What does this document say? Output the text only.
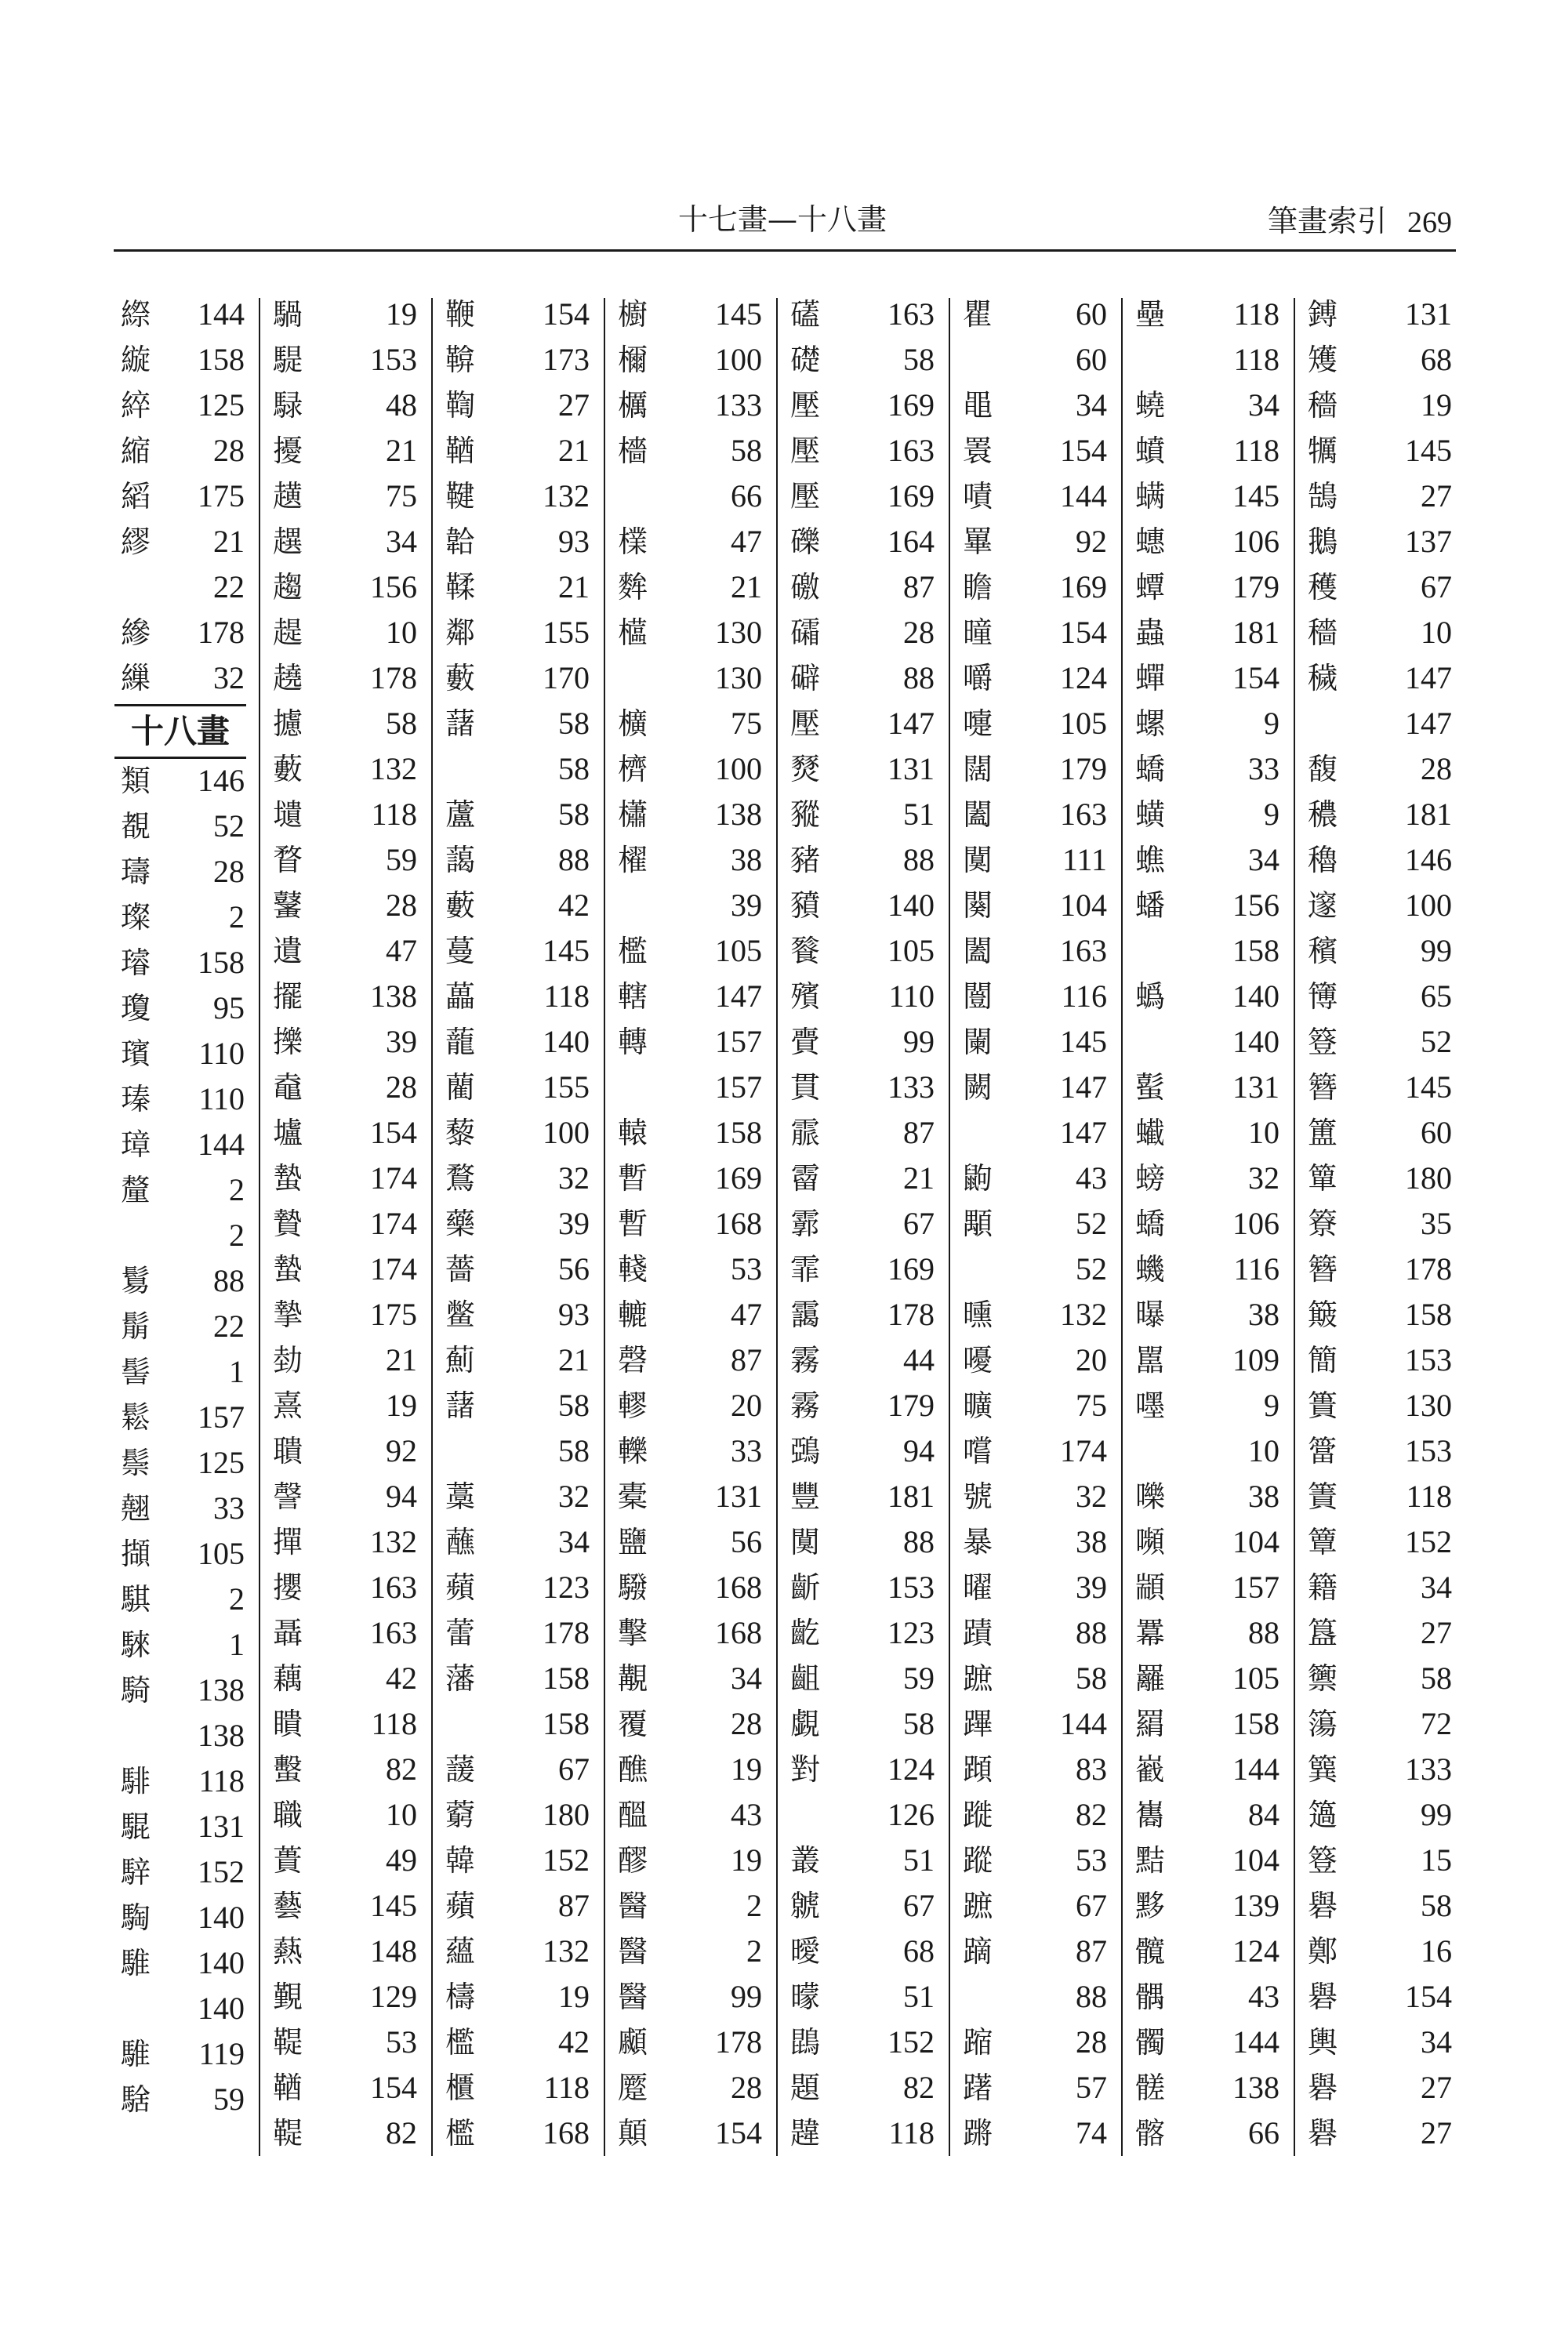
十七畫—十八畫	筆畫索引 269
縩	144
縼	158
綷	125
縮	28
縚	175
繆	21
22
縿	178
繅	32
十八畫
類	146
覩	52
璹	28
璨	2
璿	158
瓊	95
璸	110
瑧	110
璋	144
釐	2
2
鬄	88
鬅	22
髻	1
鬆	157
鬃	125
翹	33
擷	105
騏	2
騋	1
騎	138
138
騑	118
騉	131
騂	152
騊	140
騅	140
140
騅	119
騇	59
騧	19
騠	153
騄	48
擾	21
趪	75
趩	34
趨	156
趧	10
趬	178
攄	58
藪	132
壝	118
瞀	59
鼜	28
遺	47
擺	138
擽	39
鼀	28
壚	154
蟄	174
贄	174
蟄	174
摯	175
勎	21
熹	19
聵	92
謦	94
撣	132
攖	163
聶	163
藕	42
瞶	118
蟿	82
職	10
蕢	49
藝	145
爇	148
覲	129
鞮	53
鞧	154
鞮	82
鞭	154
鞥	173
鞫	27
鞧	21
鞬	132
韐	93
鞣	21
鄰	155
藪	170
藷	58
58
蘆	58
藹	88
藪	42
蔓	145
藟	118
蘢	140
藺	155
藜	100
鶩	32
藥	39
薔	56
鳖	93
薊	21
藷	58
58
藁	32
蘸	34
蘋	123
蕾	178
藩	158
158
蘐	67
藭	180
韓	152
蘋	87
蘊	132
檮	19
檻	42
櫃	118
檻	168
櫥	145
檷	100
櫔	133
檣	58
66
檏	47
麰	21
櫙	130
130
櫎	75
櫅	100
櫹	138
櫂	38
39
檻	105
轄	147
轉	157
157
轅	158
暫	169
暫	168
輚	53
轆	47
磬	87
轇	20
轢	33
橐	131
鹽	56
驋	168
擊	168
覯	34
覆	28
醮	19
醞	43
醪	19
醫	2
醫	2
醫	99
顣	178
蹷	28
顛	154
礚	163
礎	58
壓	169
壓	163
壓	169
礫	164
礉	87
礵	28
礔	88
壓	147
燹	131
豵	51
豬	88
豶	140
餮	105
殯	110
賷	99
貫	133
霢	87
霤	21
霩	67
霏	169
靄	178
霧	44
霧	179
鵶	94
豐	181
闃	88
齗	153
齕	123
齟	59
覷	58
對	124
126
叢	51
虩	67
曖	68
曚	51
鵾	152
題	82
韙	118
瞿	60
60
黽	34
瞏	154
嘖	144
罼	92
瞻	169
曈	154
嚼	124
嚏	105
闊	179
闔	163
闃	111
闋	104
闔	163
闓	116
闌	145
闕	147
147
鼩	43
顒	52
52
曛	132
嚘	20
曠	75
嚐	174
號	32
暴	38
曜	39
蹟	88
蹠	58
蹕	144
蹞	83
蹝	82
蹤	53
蹠	67
蹢	87
88
蹜	28
躇	57
蹡	74
壘	118
118
蟯	34
蟦	118
螨	145
蟪	106
蟫	179
蟲	181
蟬	154
螺	9
蟜	33
蟥	9
蟭	34
蟠	156
158
蟡	140
140
蟚	131
蠘	10
螃	32
蟜	106
蟣	116
曝	38
嚚	109
嚜	9
10
嚛	38
嚬	104
顓	157
羃	88
䍦	105
羂	158
巀	144
巂	84
黠	104
黟	139
髖	124
髃	43
髑	144
髊	138
髂	66
鎛	131
矱	68
穡	19
犡	145
鵠	27
鵝	137
穫	67
穡	10
穢	147
147
馥	28
穠	181
穭	146
邃	100
穦	99
簙	65
簦	52
簪	145
簠	60
簞	180
簝	35
簪	178
簸	158
簡	153
簣	130
簹	153
簀	118
簟	152
籍	34
簋	27
籞	58
簜	72
簨	133
簻	99
簦	15
礜	58
鄭	16
礜	154
輿	34
礜	27
礜	27
